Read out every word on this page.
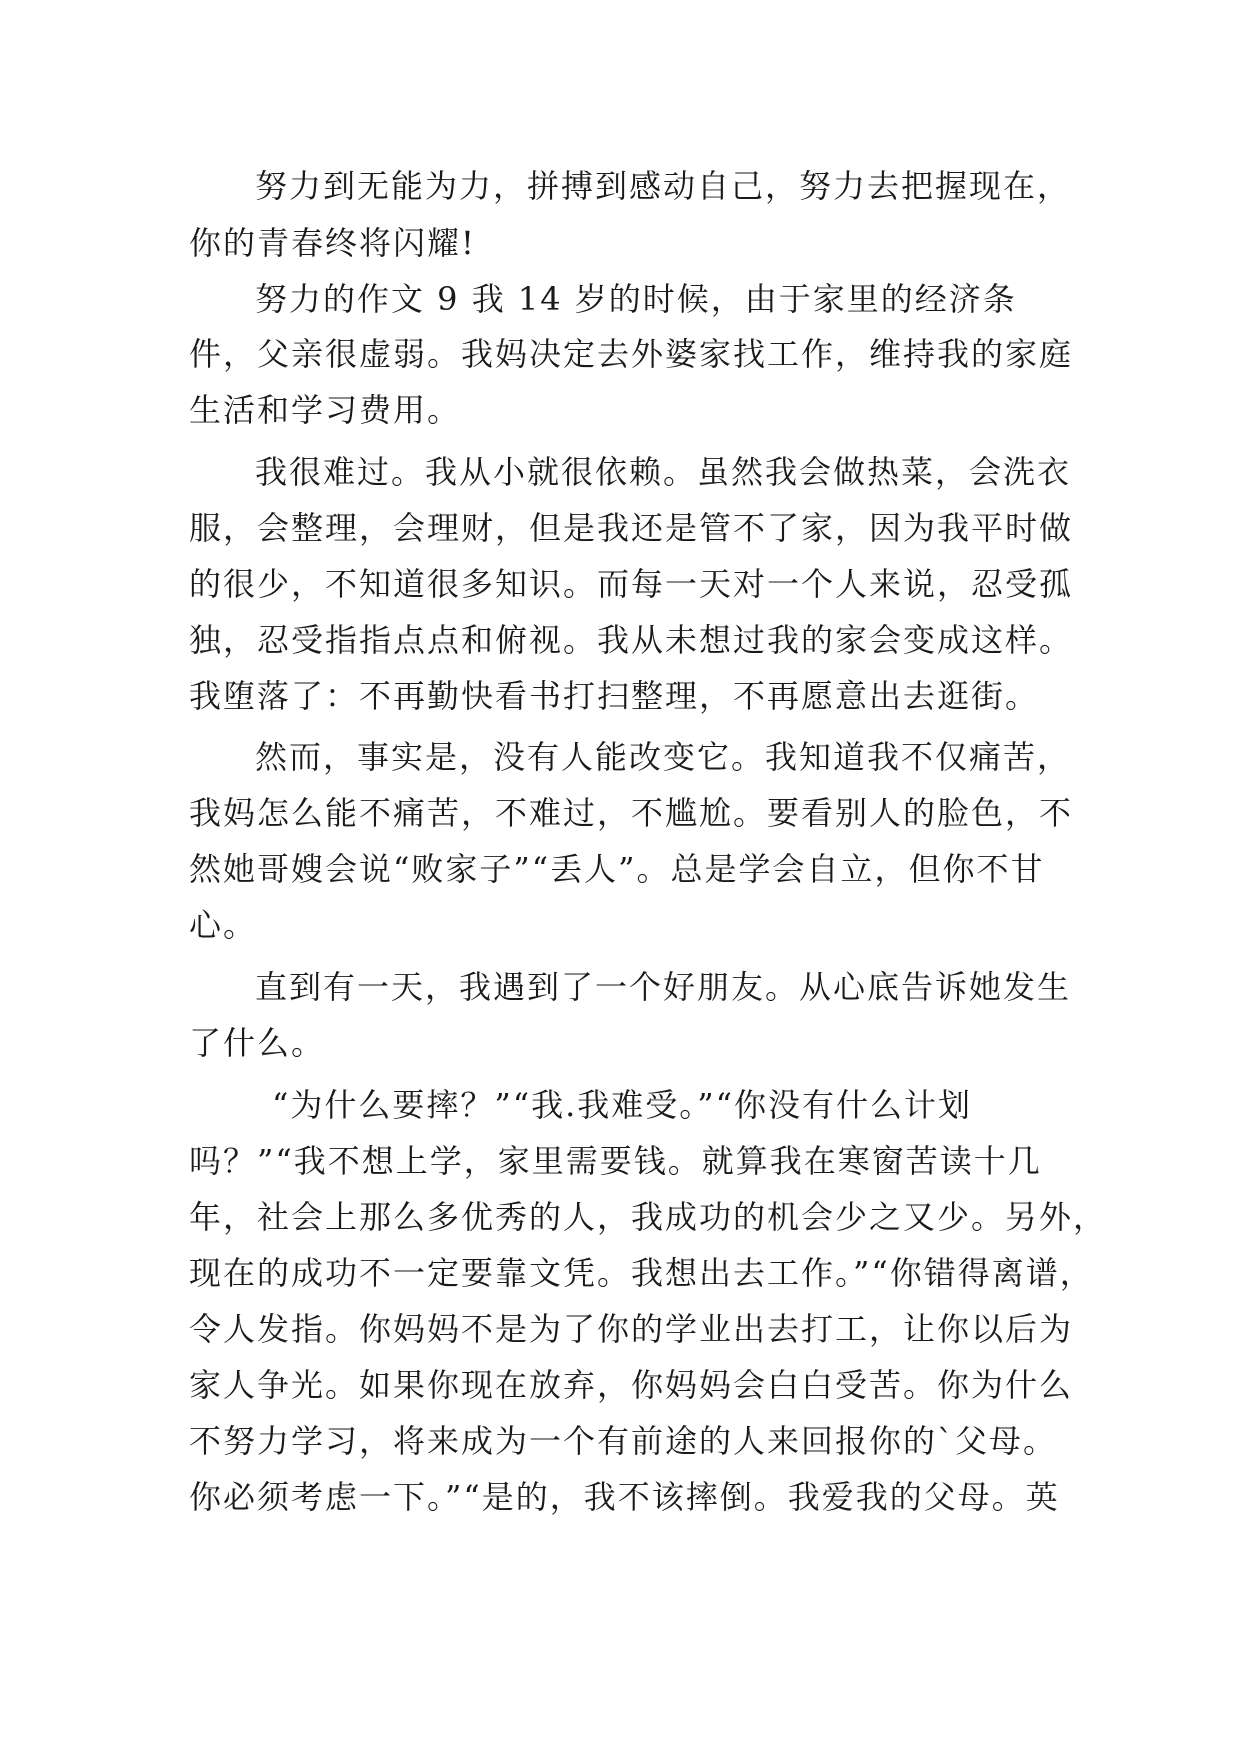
努力到无能为力，拼搏到感动自己，努力去把握现在，
你的青春终将闪耀!
努力的作文 9 我 14 岁的时候，由于家里的经济条
件，父亲很虚弱。我妈决定去外婆家找工作，维持我的家庭
生活和学习费用。
我很难过。我从小就很依赖。虽然我会做热菜，会洗衣
服，会整理，会理财，但是我还是管不了家，因为我平时做
的很少，不知道很多知识。而每一天对一个人来说，忍受孤
独，忍受指指点点和俯视。我从未想过我的家会变成这样。
我堕落了：不再勤快看书打扫整理，不再愿意出去逛街。
然而，事实是，没有人能改变它。我知道我不仅痛苦，
我妈怎么能不痛苦，不难过，不尴尬。要看别人的脸色，不
然她哥嫂会说“败家子”“丢人”。总是学会自立，但你不甘
心。
直到有一天，我遇到了一个好朋友。从心底告诉她发生
了什么。
“为什么要摔？”“我.我难受。”“你没有什么计划
吗？”“我不想上学，家里需要钱。就算我在寒窗苦读十几
年，社会上那么多优秀的人，我成功的机会少之又少。另外，
现在的成功不一定要靠文凭。我想出去工作。”“你错得离谱，
令人发指。你妈妈不是为了你的学业出去打工，让你以后为
家人争光。如果你现在放弃，你妈妈会白白受苦。你为什么
不努力学习，将来成为一个有前途的人来回报你的`父母。
你必须考虑一下。”“是的，我不该摔倒。我爱我的父母。英
